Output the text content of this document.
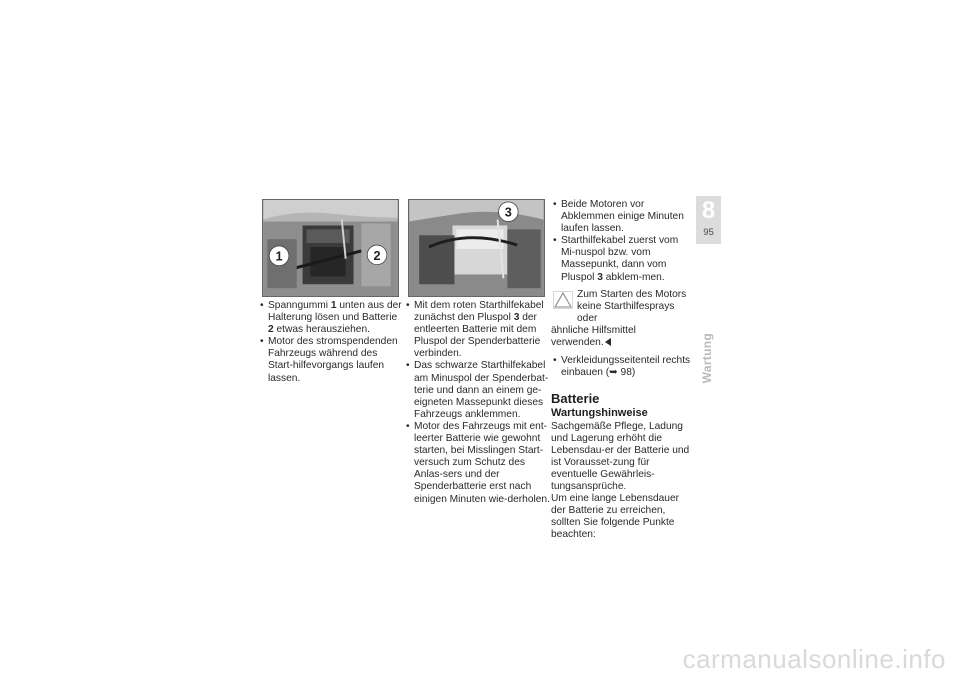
1	2
3
• Spanngummi 1 unten aus der Halterung lösen und Batterie 2 etwas herausziehen.
• Motor des stromspendenden Fahrzeugs während des Start-hilfevorgangs laufen lassen.
• Mit dem roten Starthilfekabel zunächst den Pluspol 3 der entleerten Batterie mit dem Pluspol der Spenderbatterie verbinden.
• Das schwarze Starthilfekabel am Minuspol der Spenderbat-terie und dann an einem ge-eigneten Massepunkt dieses Fahrzeugs anklemmen.
• Motor des Fahrzeugs mit ent-leerter Batterie wie gewohnt starten, bei Misslingen Start-versuch zum Schutz des Anlas-sers und der Spenderbatterie erst nach einigen Minuten wie-derholen.
• Beide Motoren vor Abklemmen einige Minuten laufen lassen.
• Starthilfekabel zuerst vom Mi-nuspol bzw. vom Massepunkt, dann vom Pluspol 3 abklem-men.
Zum Starten des Motors
keine Starthilfesprays oder
ähnliche Hilfsmittel verwenden.
• Verkleidungsseitenteil rechts einbauen (➥ 98)
Batterie
Wartungshinweise

Sachgemäße Pflege, Ladung und Lagerung erhöht die Lebensdau-er der Batterie und ist Vorausset-zung für eventuelle Gewährleis-tungsansprüche.

Um eine lange Lebensdauer der Batterie zu erreichen, sollten Sie folgende Punkte beachten:

8
95
Wartung
carmanualsonline.info
